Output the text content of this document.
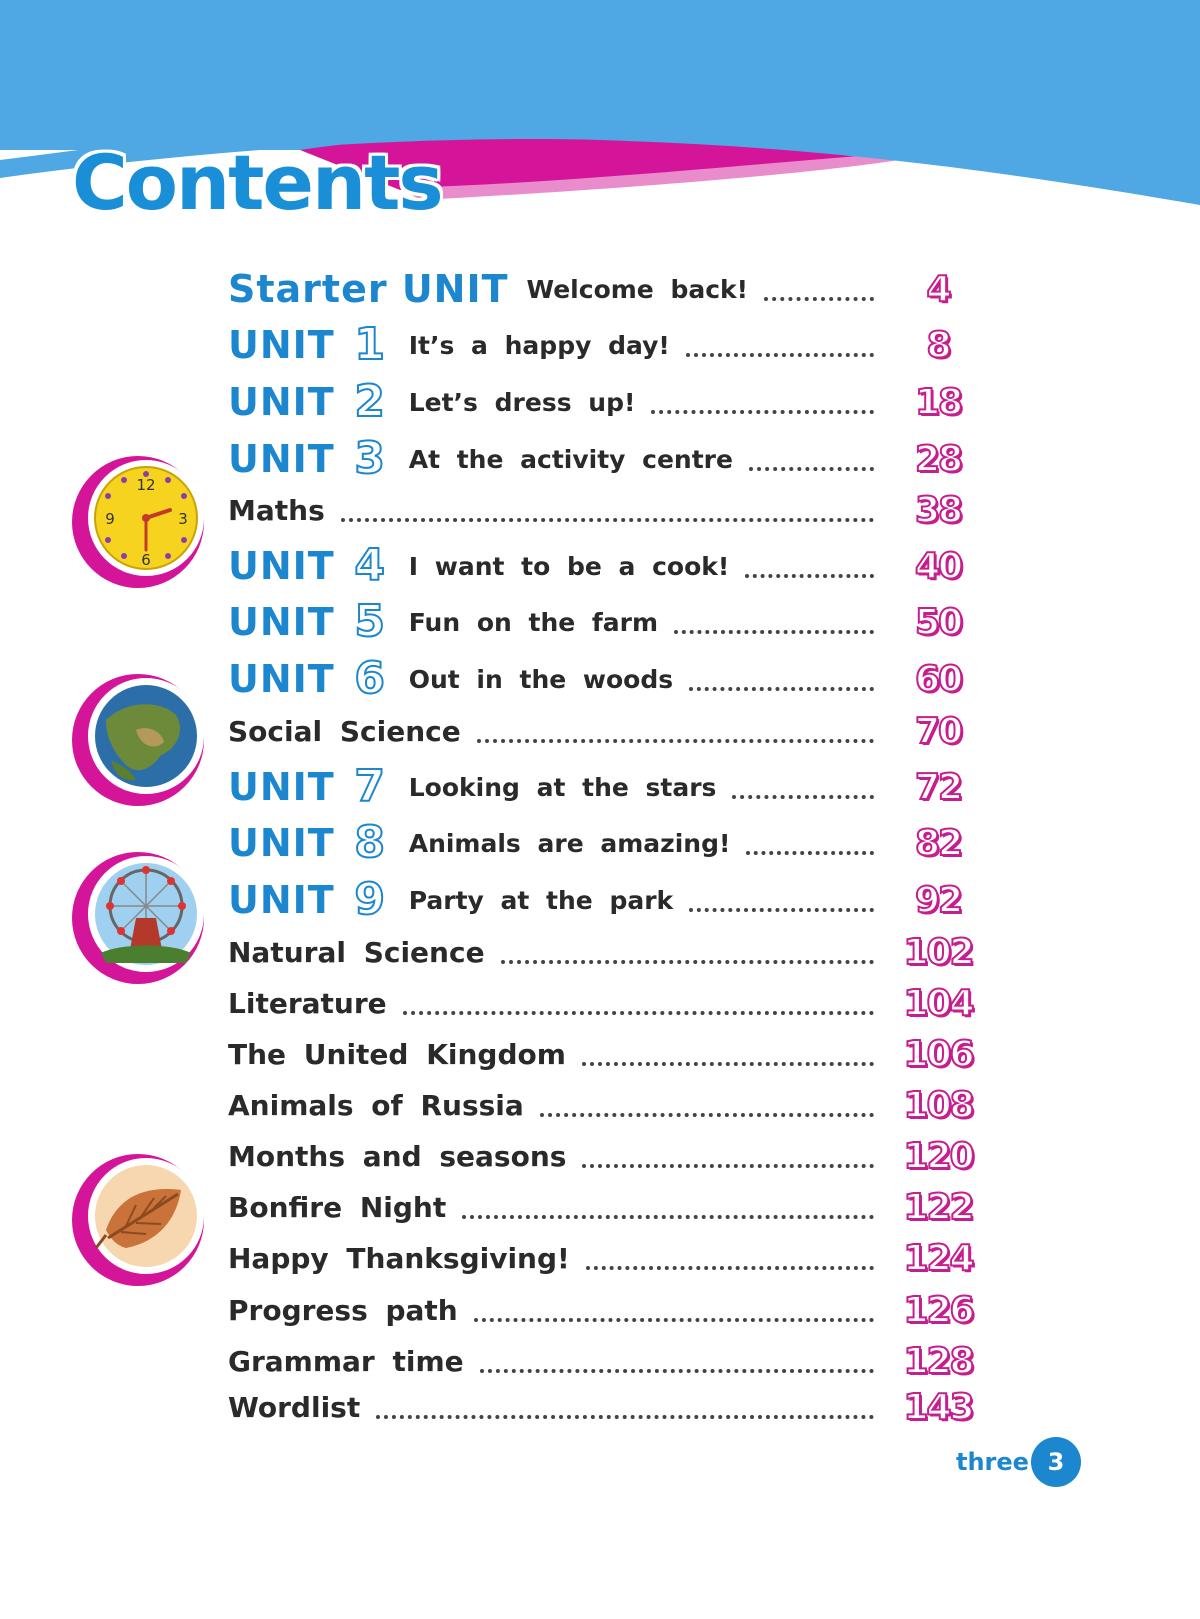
Contents
12
3
6
9
Starter UNIT Welcome back!	4
UNIT 1 It’s a happy day!	8
UNIT 2 Let’s dress up!	18
UNIT 3 At the activity centre	28
Maths	38
UNIT 4 I want to be a cook!	40
UNIT 5 Fun on the farm	50
UNIT 6 Out in the woods	60
Social Science	70
UNIT 7 Looking at the stars	72
UNIT 8 Animals are amazing!	82
UNIT 9 Party at the park	92
Natural Science	102
Literature	104
The United Kingdom	106
Animals of Russia	108
Months and seasons	120
Bonfire Night	122
Happy Thanksgiving!	124
Progress path	126
Grammar time	128
Wordlist	143
three 3
